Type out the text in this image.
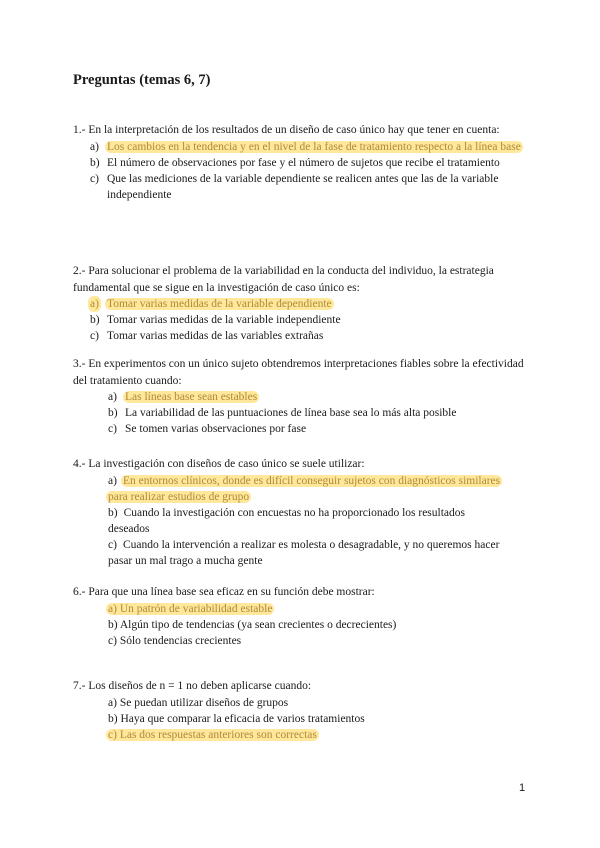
Preguntas (temas 6, 7)
1.- En la interpretación de los resultados de un diseño de caso único hay que tener en cuenta:
a) Los cambios en la tendencia y en el nivel de la fase de tratamiento respecto a la línea base
b) El número de observaciones por fase y el número de sujetos que recibe el tratamiento
c) Que las mediciones de la variable dependiente se realicen antes que las de la variable independiente
2.- Para solucionar el problema de la variabilidad en la conducta del individuo, la estrategia fundamental que se sigue en la investigación de caso único es:
a) Tomar varias medidas de la variable dependiente
b) Tomar varias medidas de la variable independiente
c) Tomar varias medidas de las variables extrañas
3.- En experimentos con un único sujeto obtendremos interpretaciones fiables sobre la efectividad del tratamiento cuando:
a) Las líneas base sean estables
b) La variabilidad de las puntuaciones de línea base sea lo más alta posible
c) Se tomen varias observaciones por fase
4.- La investigación con diseños de caso único se suele utilizar:
a) En entornos clínicos, donde es difícil conseguir sujetos con diagnósticos similares para realizar estudios de grupo
b) Cuando la investigación con encuestas no ha proporcionado los resultados deseados
c) Cuando la intervención a realizar es molesta o desagradable, y no queremos hacer pasar un mal trago a mucha gente
6.- Para que una línea base sea eficaz en su función debe mostrar:
a) Un patrón de variabilidad estable
b) Algún tipo de tendencias (ya sean crecientes o decrecientes)
c) Sólo tendencias crecientes
7.- Los diseños de n = 1 no deben aplicarse cuando:
a) Se puedan utilizar diseños de grupos
b) Haya que comparar la eficacia de varios tratamientos
c) Las dos respuestas anteriores son correctas
1
